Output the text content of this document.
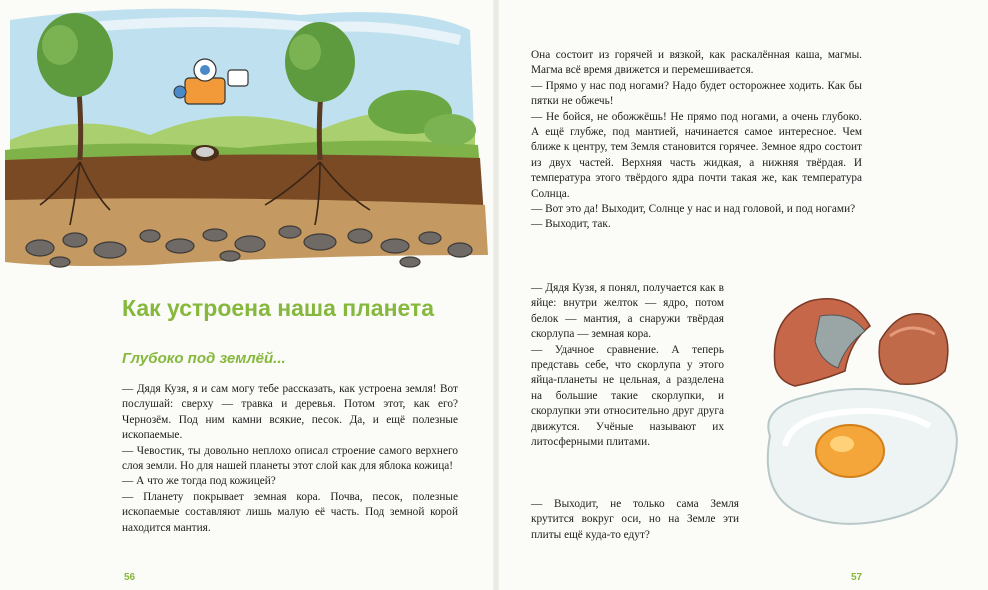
Как устроена наша планета
Глубоко под землёй...

— Дядя Кузя, я и сам могу тебе рассказать, как устроена земля! Вот послушай: сверху — травка и деревья. Потом этот, как его? Чернозём. Под ним камни всякие, песок. Да, и ещё полезные ископаемые.

— Чевостик, ты довольно неплохо описал строение самого верхнего слоя земли. Но для нашей планеты этот слой как для яблока кожица!

— А что же тогда под кожицей?

— Планету покрывает земная кора. Почва, песок, полезные ископаемые составляют лишь малую её часть. Под земной корой находится мантия.

56

Она состоит из горячей и вязкой, как раскалённая каша, магмы. Магма всё время движется и перемешивается.

— Прямо у нас под ногами? Надо будет осторожнее ходить. Как бы пятки не обжечь!

— Не бойся, не обожжёшь! Не прямо под ногами, а очень глубоко. А ещё глубже, под мантией, начинается самое интересное. Чем ближе к центру, тем Земля становится горячее. Земное ядро состоит из двух частей. Верхняя часть жидкая, а нижняя твёрдая. И температура этого твёрдого ядра почти такая же, как температура Солнца.

— Вот это да! Выходит, Солнце у нас и над головой, и под ногами?

— Выходит, так.

— Дядя Кузя, я понял, получается как в яйце: внутри желток — ядро, потом белок — мантия, а снаружи твёрдая скорлупа — земная кора.

— Удачное сравнение. А теперь представь себе, что скорлупа у этого яйца-планеты не цельная, а разделена на большие такие скорлупки, и скорлупки эти относительно друг друга движутся. Учёные называют их литосферными плитами.

— Выходит, не только сама Земля крутится вокруг оси, но на Земле эти плиты ещё куда-то едут?

57
